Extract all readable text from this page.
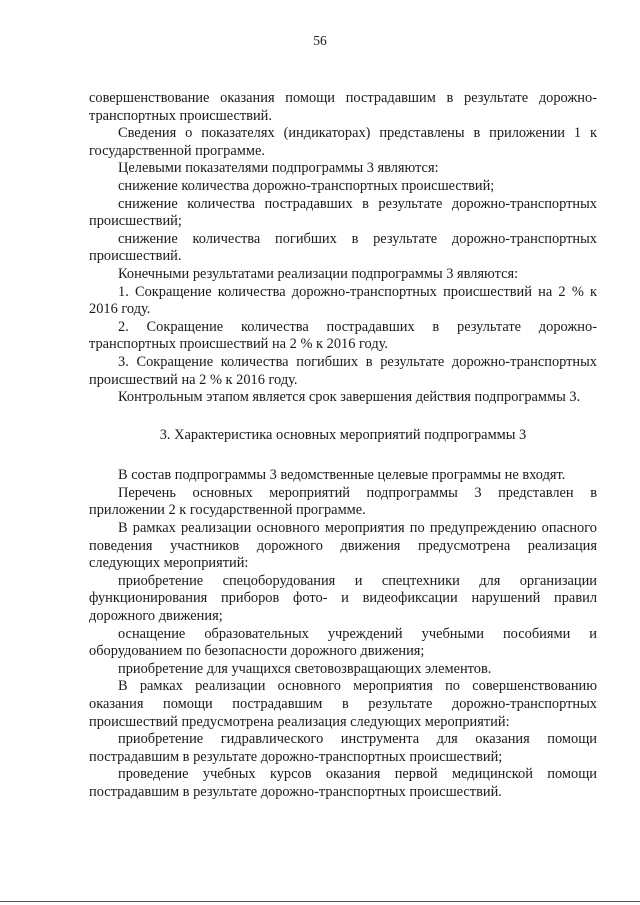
56

совершенствование оказания помощи пострадавшим в результате дорожно-транспортных происшествий.

Сведения о показателях (индикаторах) представлены в приложении 1 к государственной программе.

Целевыми показателями подпрограммы 3 являются:

снижение количества дорожно-транспортных происшествий;

снижение количества пострадавших в результате дорожно-транспортных происшествий;

снижение количества погибших в результате дорожно-транспортных происшествий.

Конечными результатами реализации подпрограммы 3 являются:

1. Сокращение количества дорожно-транспортных происшествий на 2 % к 2016 году.

2. Сокращение количества пострадавших в результате дорожно-транспортных происшествий на 2 % к 2016 году.

3. Сокращение количества погибших в результате дорожно-транспортных происшествий на 2 % к 2016 году.

Контрольным этапом является срок завершения действия подпрограммы 3.

3. Характеристика основных мероприятий подпрограммы 3

В состав подпрограммы 3 ведомственные целевые программы не входят.

Перечень основных мероприятий подпрограммы 3 представлен в приложении 2 к государственной программе.

В рамках реализации основного мероприятия по предупреждению опасного поведения участников дорожного движения предусмотрена реализация следующих мероприятий:

приобретение спецоборудования и спецтехники для организации функционирования приборов фото- и видеофиксации нарушений правил дорожного движения;

оснащение образовательных учреждений учебными пособиями и оборудованием по безопасности дорожного движения;

приобретение для учащихся световозвращающих элементов.

В рамках реализации основного мероприятия по совершенствованию оказания помощи пострадавшим в результате дорожно-транспортных происшествий предусмотрена реализация следующих мероприятий:

приобретение гидравлического инструмента для оказания помощи пострадавшим в результате дорожно-транспортных происшествий;

проведение учебных курсов оказания первой медицинской помощи пострадавшим в результате дорожно-транспортных происшествий.
